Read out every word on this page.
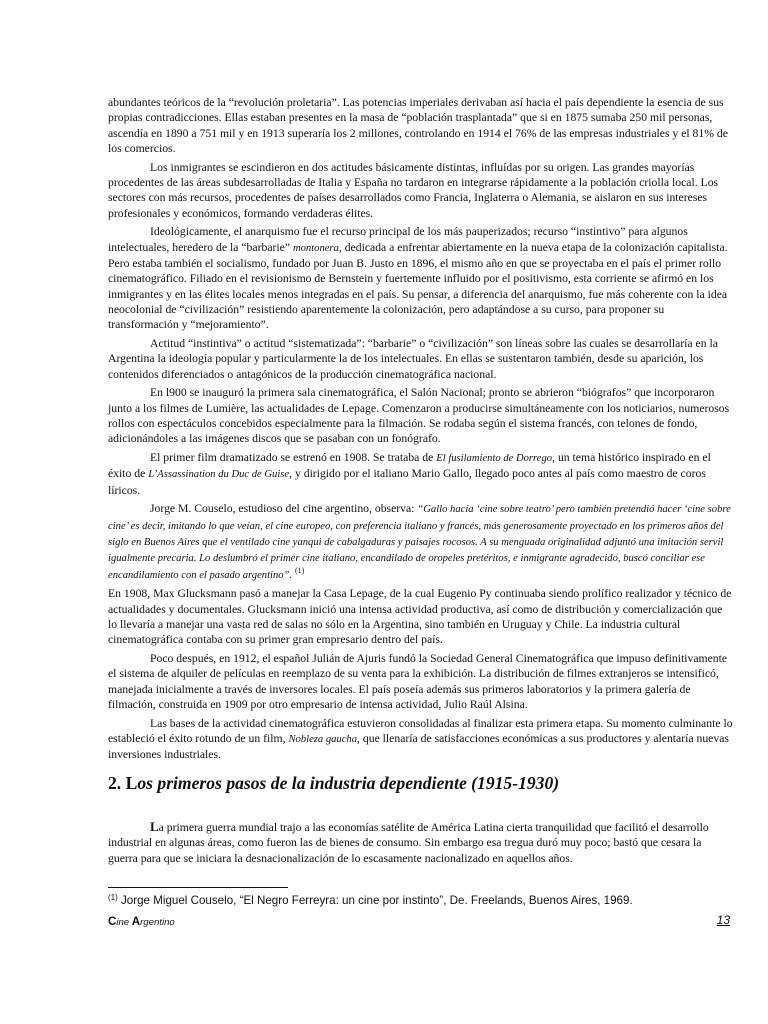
abundantes teóricos de la “revolución proletaria”. Las potencias imperiales derivaban así hacia el país dependiente la esencia de sus propias contradicciones. Ellas estaban presentes en la masa de “población trasplantada” que si en 1875 sumaba 250 mil personas, ascendía en 1890 a 751 mil y en 1913 superaría los 2 millones, controlando en 1914 el 76% de las empresas industriales y el 81% de los comercios.

Los inmigrantes se escindieron en dos actitudes básicamente distintas, influídas por su origen. Las grandes mayorías procedentes de las áreas subdesarrolladas de Italia y España no tardaron en integrarse rápidamente a la población criolla local. Los sectores con más recursos, procedentes de países desarrollados como Francia, Inglaterra o Alemania, se aislaron en sus intereses profesionales y económicos, formando verdaderas élites.

Ideológicamente, el anarquismo fue el recurso principal de los más pauperizados; recurso “instintivo” para algunos intelectuales, heredero de la “barbarie” montonera, dedicada a enfrentar abiertamente en la nueva etapa de la colonización capitalista. Pero estaba también el socialismo, fundado por Juan B. Justo en 1896, el mismo año en que se proyectaba en el país el primer rollo cinematográfico. Filiado en el revisionismo de Bernstein y fuertemente influido por el positivismo, esta corriente se afirmó en los inmigrantes y en las élites locales menos integradas en el país. Su pensar, a diferencia del anarquismo, fue más coherente con la idea neocolonial de “civilización” resistiendo aparentemente la colonización, pero adaptándose a su curso, para proponer su transformación y “mejoramiento”.

Actitud “instintiva” o actitud “sistematizada”: “barbarie” o “civilización” son líneas sobre las cuales se desarrollaría en la Argentina la ideología popular y particularmente la de los intelectuales. En ellas se sustentaron también, desde su aparición, los contenidos diferenciados o antagónicos de la producción cinematográfica nacional.

En l900 se inauguró la primera sala cinematográfica, el Salón Nacional; pronto se abrieron “biógrafos” que incorporaron junto a los filmes de Lumière, las actualidades de Lepage. Comenzaron a producirse simultáneamente con los noticiarios, numerosos rollos con espectáculos concebidos especialmente para la filmación. Se rodaba según el sistema francés, con telones de fondo, adicionándoles a las imágenes discos que se pasaban con un fonógrafo.

El primer film dramatizado se estrenó en 1908. Se trataba de El fusilamiento de Dorrego, un tema histórico inspirado en el éxito de L’Assassination du Duc de Guise, y dirigido por el italiano Mario Gallo, llegado poco antes al país como maestro de coros líricos.

Jorge M. Couselo, estudioso del cine argentino, observa: “Gallo hacía ‘cine sobre teatro’ pero también pretendió hacer ‘cine sobre cine’ es decir, imitando lo que veían, el cine europeo, con preferencia italiano y francés, más generosamente proyectado en los primeros años del siglo en Buenos Aires que el ventilado cine yanqui de cabalgaduras y paisajes rocosos. A su menguada originalidad adjuntó una imitación servil igualmente precaria. Lo deslumbró el primer cine italiano, encandilado de oropeles pretéritos, e inmigrante agradecido, buscó conciliar ese encandilamiento con el pasado argentino”. $^{(1)}$

En 1908, Max Glucksmann pasó a manejar la Casa Lepage, de la cual Eugenio Py continuaba siendo prolífico realizador y técnico de actualidades y documentales. Glucksmann inició una intensa actividad productiva, así como de distribución y comercialización que lo llevaría a manejar una vasta red de salas no sólo en la Argentina, sino también en Uruguay y Chile. La industria cultural cinematográfica contaba con su primer gran empresario dentro del país.

Poco después, en 1912, el español Julián de Ajuris fundó la Sociedad General Cinematográfica que impuso definitivamente el sistema de alquiler de películas en reemplazo de su venta para la exhibición. La distribución de filmes extranjeros se intensificó, manejada inicialmente a través de inversores locales. El país poseía además sus primeros laboratorios y la primera galería de filmación, construida en 1909 por otro empresario de intensa actividad, Julio Raúl Alsina.

Las bases de la actividad cinematográfica estuvieron consolidadas al finalizar esta primera etapa. Su momento culminante lo estableció el éxito rotundo de un film, Nobleza gaucha, que llenaría de satisfacciones económicas a sus productores y alentaría nuevas inversiones industriales.

2. Los primeros pasos de la industria dependiente (1915-1930)

La primera guerra mundial trajo a las economías satélite de América Latina cierta tranquilidad que facilitó el desarrollo industrial en algunas áreas, como fueron las de bienes de consumo. Sin embargo esa tregua duró muy poco; bastó que cesara la guerra para que se iniciara la desnacionalización de lo escasamente nacionalizado en aquellos años.

$^{(1)}$ Jorge Miguel Couselo, “El Negro Ferreyra: un cine por instinto”, De. Freelands, Buenos Aires, 1969.
Cine Argentino	13
